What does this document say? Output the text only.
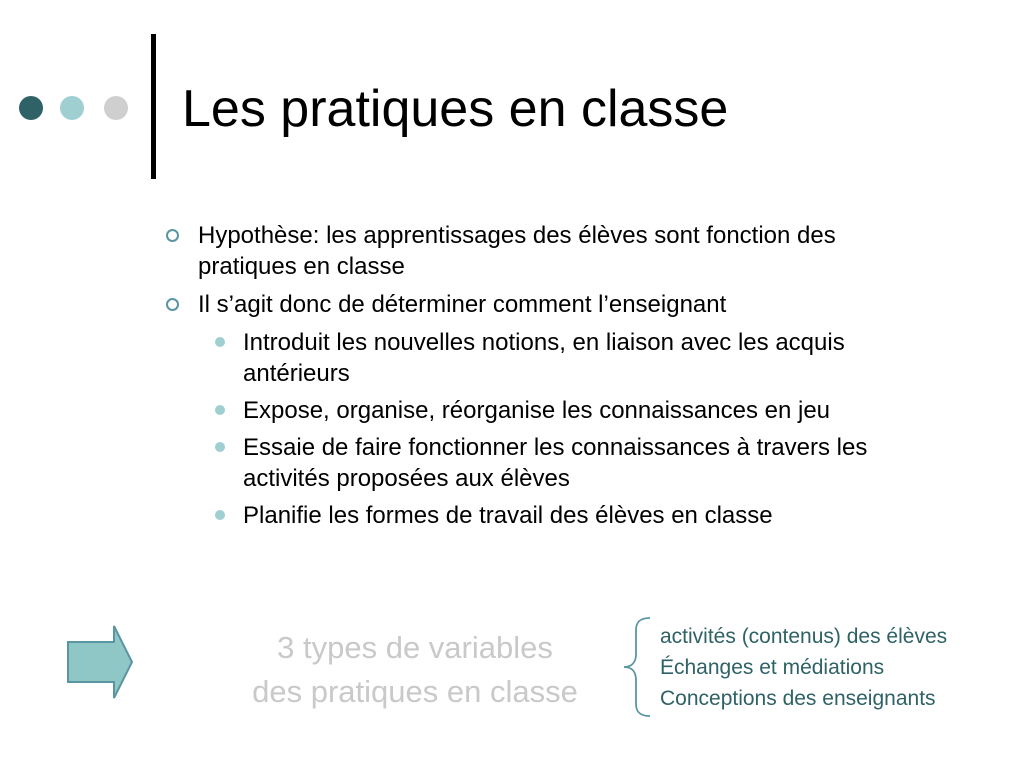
Les pratiques en classe
Hypothèse: les apprentissages des élèves sont fonction des pratiques en classe
Il s’agit donc de déterminer comment l’enseignant
Introduit les nouvelles notions, en liaison avec les acquis antérieurs
Expose, organise, réorganise les connaissances en jeu
Essaie de faire fonctionner les connaissances à travers les activités proposées aux élèves
Planifie les formes de travail des élèves en classe
3 types de variables
des pratiques en classe
activités (contenus) des élèves
Échanges et médiations
Conceptions des enseignants
